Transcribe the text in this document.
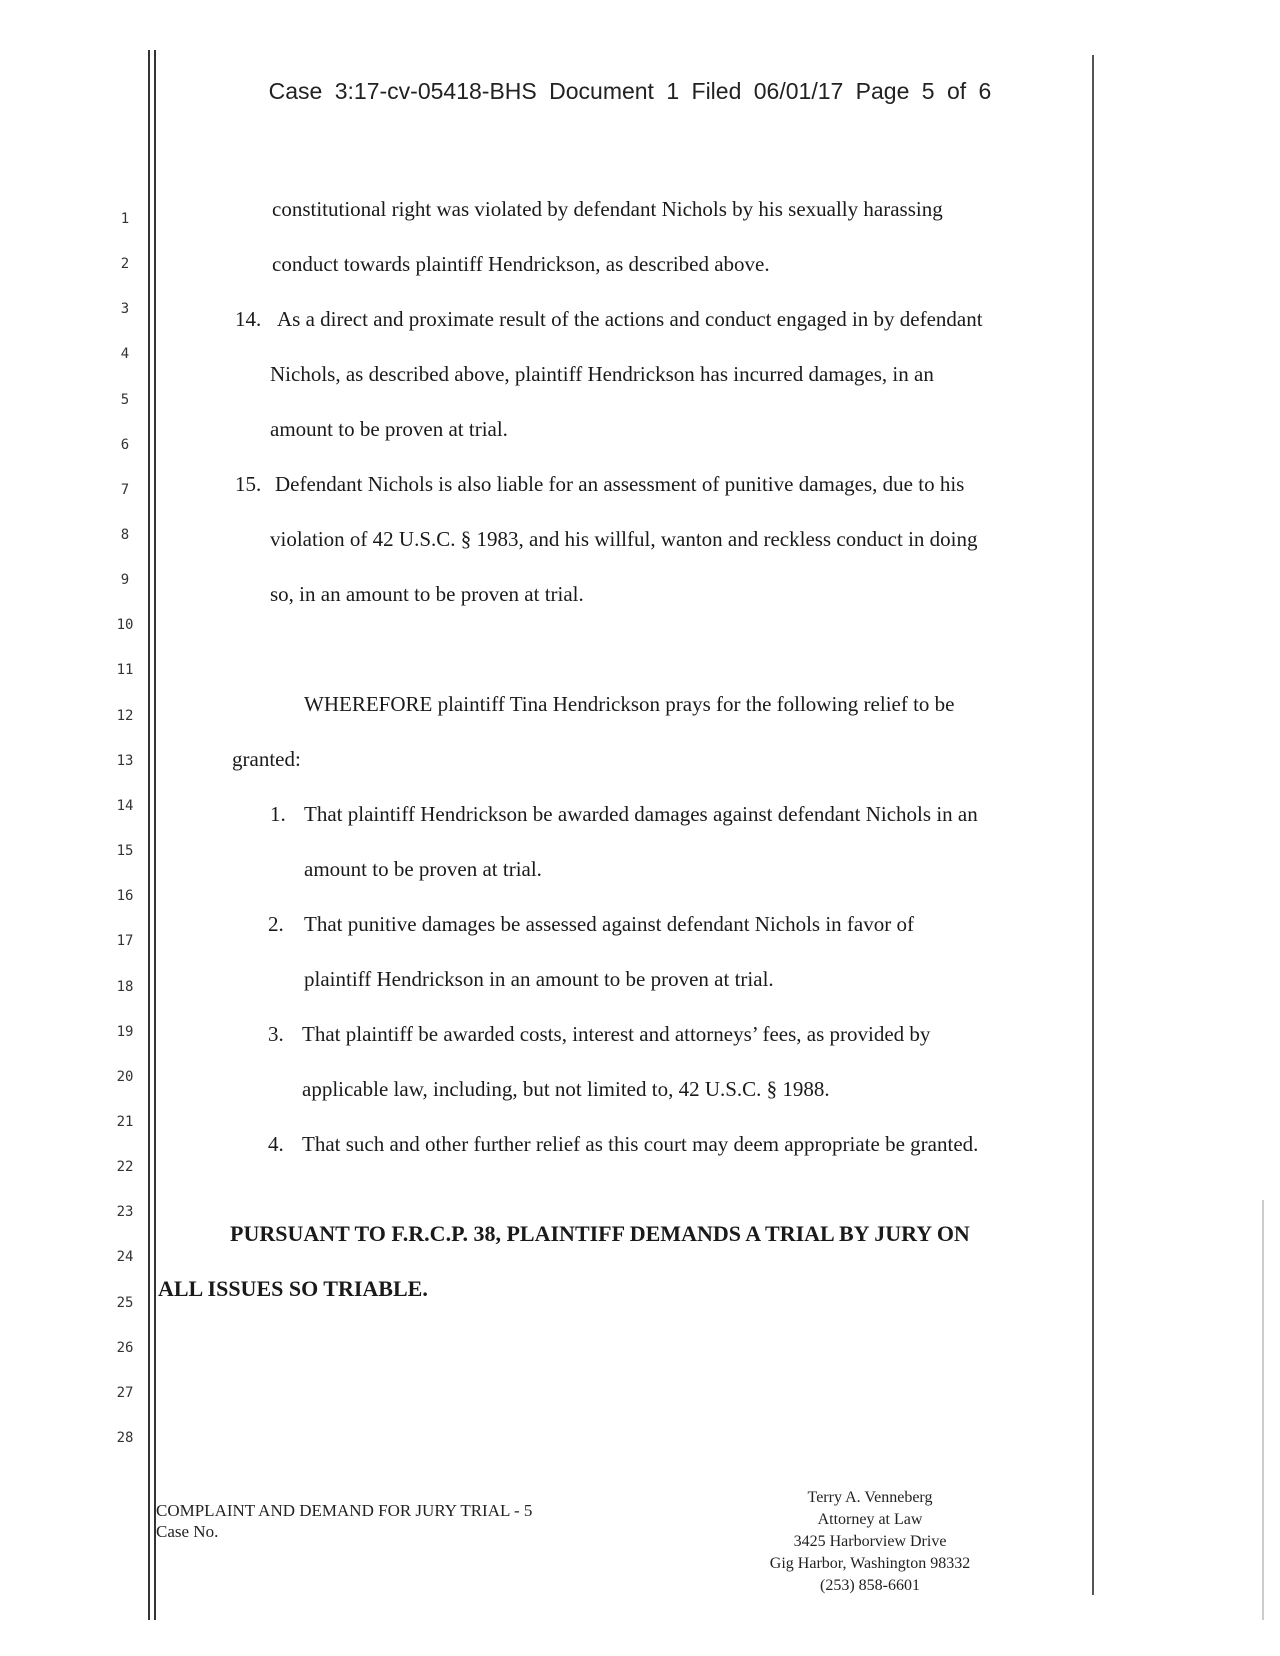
Case 3:17-cv-05418-BHS Document 1 Filed 06/01/17 Page 5 of 6
1
2
3
4
5
6
7
8
9
10
11
12
13
14
15
16
17
18
19
20
21
22
23
24
25
26
27
28
constitutional right was violated by defendant Nichols by his sexually harassing
conduct towards plaintiff Hendrickson, as described above.
14. As a direct and proximate result of the actions and conduct engaged in by defendant
Nichols, as described above, plaintiff Hendrickson has incurred damages, in an
amount to be proven at trial.
15. Defendant Nichols is also liable for an assessment of punitive damages, due to his
violation of 42 U.S.C. § 1983, and his willful, wanton and reckless conduct in doing
so, in an amount to be proven at trial.
WHEREFORE plaintiff Tina Hendrickson prays for the following relief to be
granted:
1. That plaintiff Hendrickson be awarded damages against defendant Nichols in an
amount to be proven at trial.
2. That punitive damages be assessed against defendant Nichols in favor of
plaintiff Hendrickson in an amount to be proven at trial.
3. That plaintiff be awarded costs, interest and attorneys’ fees, as provided by
applicable law, including, but not limited to, 42 U.S.C. § 1988.
4. That such and other further relief as this court may deem appropriate be granted.
PURSUANT TO F.R.C.P. 38, PLAINTIFF DEMANDS A TRIAL BY JURY ON
ALL ISSUES SO TRIABLE.
COMPLAINT AND DEMAND FOR JURY TRIAL - 5
Case No.
Terry A. Venneberg
Attorney at Law
3425 Harborview Drive
Gig Harbor, Washington 98332
(253) 858-6601
